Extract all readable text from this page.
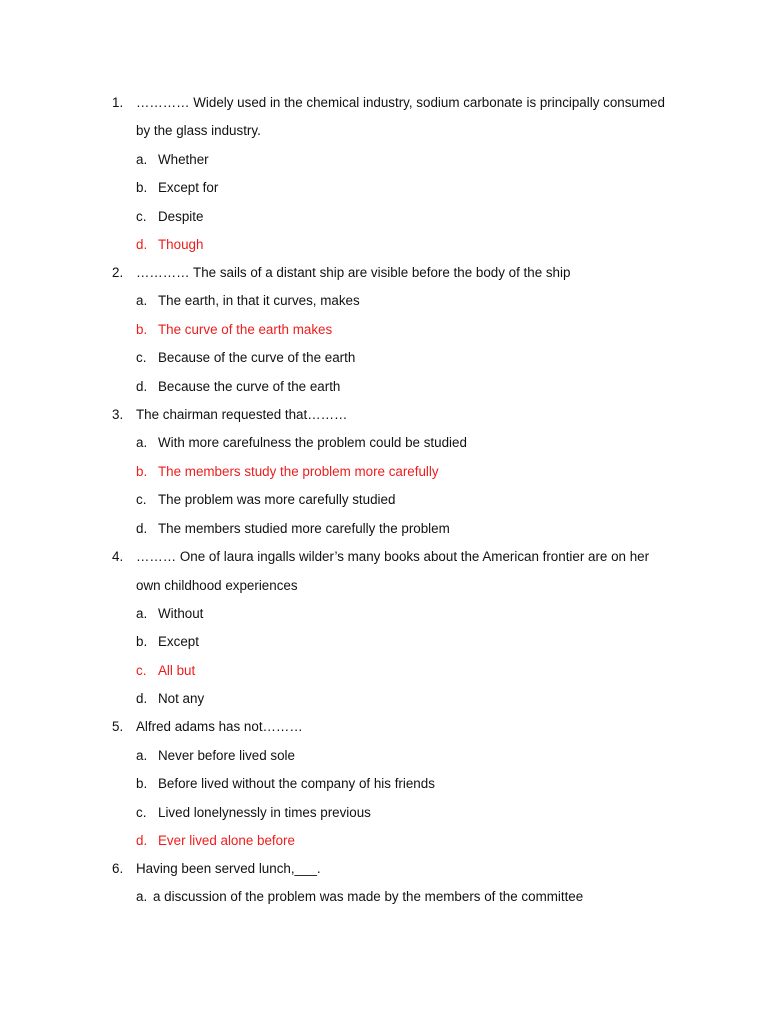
1. ………… Widely used in the chemical industry, sodium carbonate is principally consumed
by the glass industry.
a. Whether
b. Except for
c. Despite
d. Though
2. ………… The sails of a distant ship are visible before the body of the ship
a. The earth, in that it curves, makes
b. The curve of the earth makes
c. Because of the curve of the earth
d. Because the curve of the earth
3. The chairman requested that………
a. With more carefulness the problem could be studied
b. The members study the problem more carefully
c. The problem was more carefully studied
d. The members studied more carefully the problem
4. ……… One of laura ingalls wilder’s many books about the American frontier are on her
own childhood experiences
a. Without
b. Except
c. All but
d. Not any
5. Alfred adams has not………
a. Never before lived sole
b. Before lived without the company of his friends
c. Lived lonelynessly in times previous
d. Ever lived alone before
6. Having been served lunch,___.
a. a discussion of the problem was made by the members of the committee
